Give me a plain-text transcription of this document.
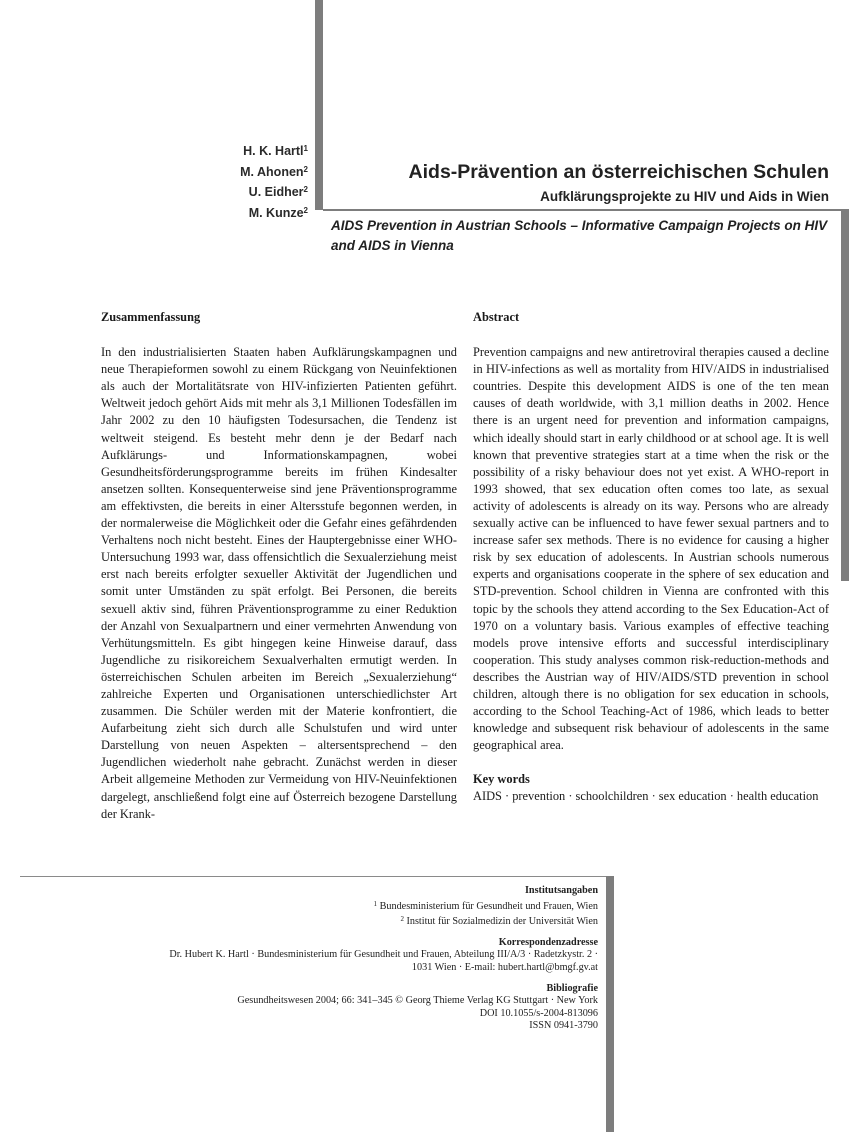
H. K. Hartl$^1$
M. Ahonen$^2$
U. Eidher$^2$
M. Kunze$^2$
Aids-Prävention an österreichischen Schulen
Aufklärungsprojekte zu HIV und Aids in Wien
AIDS Prevention in Austrian Schools – Informative Campaign Projects on HIV and AIDS in Vienna
Zusammenfassung

In den industrialisierten Staaten haben Aufklärungskampagnen und neue Therapieformen sowohl zu einem Rückgang von Neuinfektionen als auch der Mortalitätsrate von HIV-infizierten Patienten geführt. Weltweit jedoch gehört Aids mit mehr als 3,1 Millionen Todesfällen im Jahr 2002 zu den 10 häufigsten Todesursachen, die Tendenz ist weltweit steigend. Es besteht mehr denn je der Bedarf nach Aufklärungs- und Informationskampagnen, wobei Gesundheitsförderungsprogramme bereits im frühen Kindesalter ansetzen sollten. Konsequenterweise sind jene Präventionsprogramme am effektivsten, die bereits in einer Altersstufe begonnen werden, in der normalerweise die Möglichkeit oder die Gefahr eines gefährdenden Verhaltens noch nicht besteht. Eines der Hauptergebnisse einer WHO-Untersuchung 1993 war, dass offensichtlich die Sexualerziehung meist erst nach bereits erfolgter sexueller Aktivität der Jugendlichen und somit unter Umständen zu spät erfolgt. Bei Personen, die bereits sexuell aktiv sind, führen Präventionsprogramme zu einer Reduktion der Anzahl von Sexualpartnern und einer vermehrten Anwendung von Verhütungsmitteln. Es gibt hingegen keine Hinweise darauf, dass Jugendliche zu risikoreichem Sexualverhalten ermutigt werden. In österreichischen Schulen arbeiten im Bereich „Sexualerziehung“ zahlreiche Experten und Organisationen unterschiedlichster Art zusammen. Die Schüler werden mit der Materie konfrontiert, die Aufarbeitung zieht sich durch alle Schulstufen und wird unter Darstellung von neuen Aspekten – altersentsprechend – den Jugendlichen wiederholt nahe gebracht. Zunächst werden in dieser Arbeit allgemeine Methoden zur Vermeidung von HIV-Neuinfektionen dargelegt, anschließend folgt eine auf Österreich bezogene Darstellung der Krank-

Abstract

Prevention campaigns and new antiretroviral therapies caused a decline in HIV-infections as well as mortality from HIV/AIDS in industrialised countries. Despite this development AIDS is one of the ten mean causes of death worldwide, with 3,1 million deaths in 2002. Hence there is an urgent need for prevention and information campaigns, which ideally should start in early childhood or at school age. It is well known that preventive strategies start at a time when the risk or the possibility of a risky behaviour does not yet exist. A WHO-report in 1993 showed, that sex education often comes too late, as sexual activity of adolescents is already on its way. Persons who are already sexually active can be influenced to have fewer sexual partners and to increase safer sex methods. There is no evidence for causing a higher risk by sex education of adolescents. In Austrian schools numerous experts and organisations cooperate in the sphere of sex education and STD-prevention. School children in Vienna are confronted with this topic by the schools they attend according to the Sex Education-Act of 1970 on a voluntary basis. Various examples of effective teaching models prove intensive efforts and successful interdisciplinary cooperation. This study analyses common risk-reduction-methods and describes the Austrian way of HIV/AIDS/STD prevention in school children, altough there is no obligation for sex education in schools, according to the School Teaching-Act of 1986, which leads to better knowledge and subsequent risk behaviour of adolescents in the same geographical area.

Key words

AIDS · prevention · schoolchildren · sex education · health education

Institutsangaben
$^1$ Bundesministerium für Gesundheit und Frauen, Wien
$^2$ Institut für Sozialmedizin der Universität Wien
Korrespondenzadresse
Dr. Hubert K. Hartl · Bundesministerium für Gesundheit und Frauen, Abteilung III/A/3 · Radetzkystr. 2 ·
1031 Wien · E-mail: hubert.hartl@bmgf.gv.at
Bibliografie
Gesundheitswesen 2004; 66: 341–345 © Georg Thieme Verlag KG Stuttgart · New York
DOI 10.1055/s-2004-813096
ISSN 0941-3790
